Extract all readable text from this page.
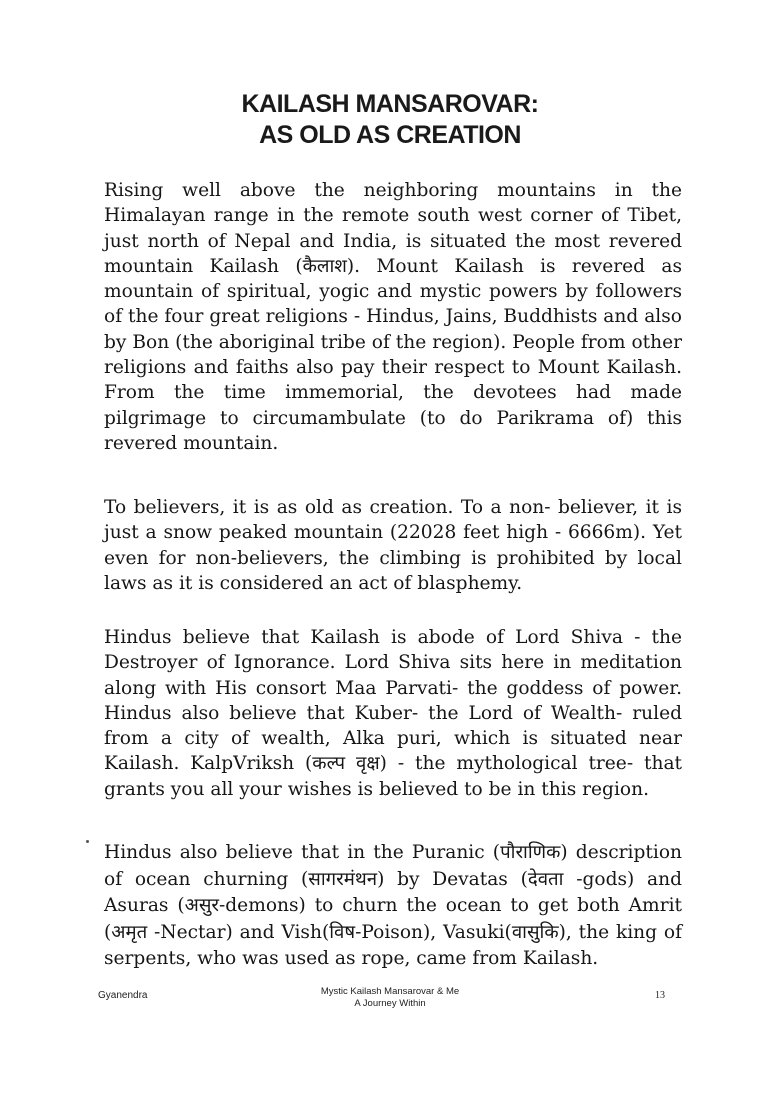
KAILASH MANSAROVAR:
AS OLD AS CREATION

Rising well above the neighboring mountains in the Himalayan range in the remote south west corner of Tibet, just north of Nepal and India, is situated the most revered mountain Kailash (कैलाश). Mount Kailash is revered as mountain of spiritual, yogic and mystic powers by followers of the four great religions - Hindus, Jains, Buddhists and also by Bon (the aboriginal tribe of the region). People from other religions and faiths also pay their respect to Mount Kailash. From the time immemorial, the devotees had made pilgrimage to circumambulate (to do Parikrama of) this revered mountain.

To believers, it is as old as creation. To a non- believer, it is just a snow peaked mountain (22028 feet high - 6666m). Yet even for non-believers, the climbing is prohibited by local laws as it is considered an act of blasphemy.

Hindus believe that Kailash is abode of Lord Shiva - the Destroyer of Ignorance. Lord Shiva sits here in meditation along with His consort Maa Parvati- the goddess of power. Hindus also believe that Kuber- the Lord of Wealth- ruled from a city of wealth, Alka puri, which is situated near Kailash. KalpVriksh (कल्प वृक्ष) - the mythological tree- that grants you all your wishes is believed to be in this region.

Hindus also believe that in the Puranic (पौराणिक) description of ocean churning (सागरमंथन) by Devatas (देवता -gods) and Asuras (असुर-demons) to churn the ocean to get both Amrit (अमृत -Nectar) and Vish(विष-Poison), Vasuki(वासुकि), the king of serpents, who was used as rope, came from Kailash.

Gyanendra	Mystic Kailash Mansarovar & Me
A Journey Within
13
